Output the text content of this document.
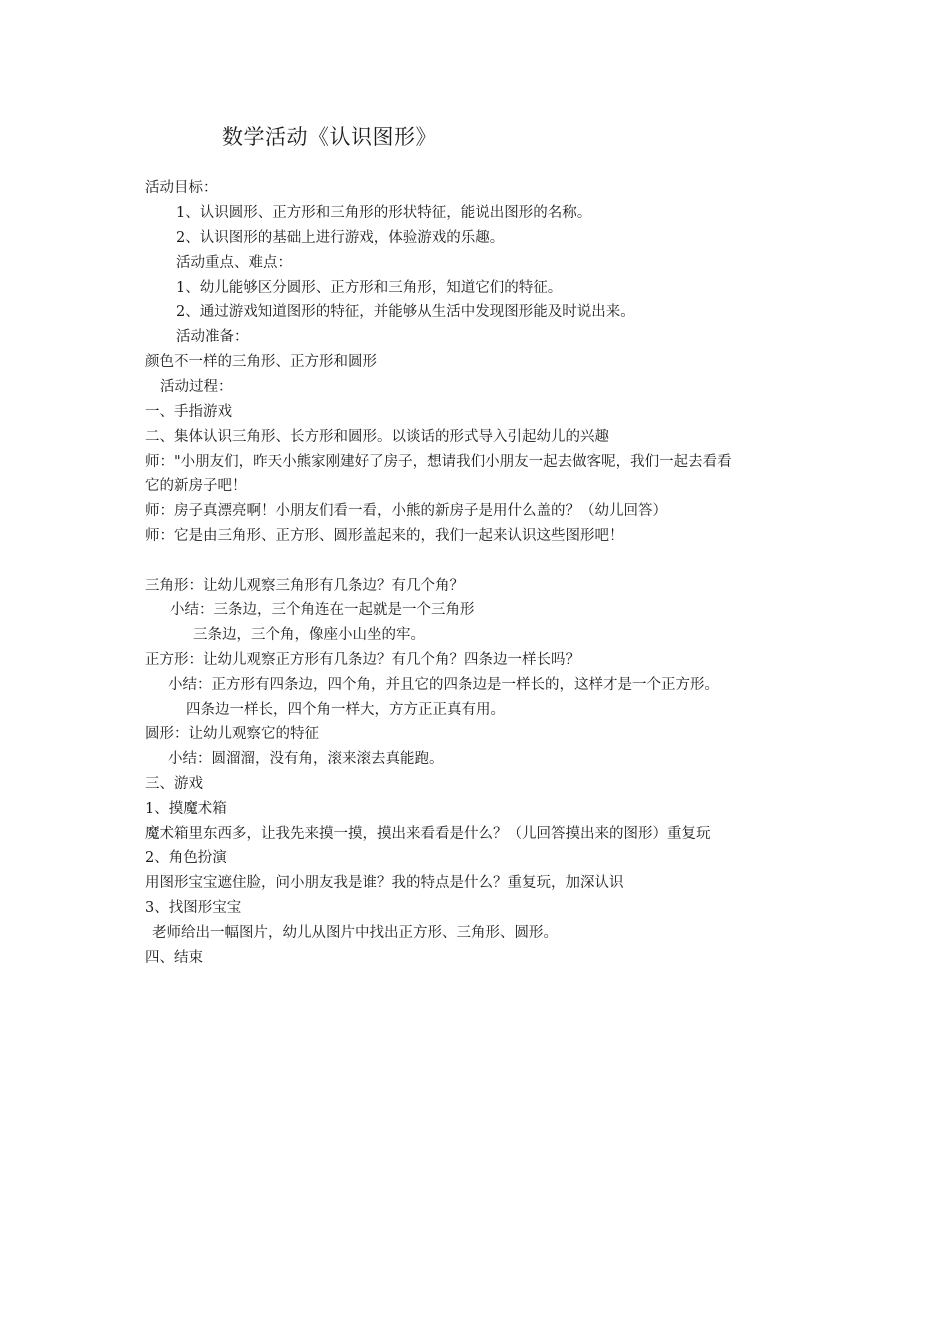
数学活动《认识图形》
活动目标：
1、认识圆形、正方形和三角形的形状特征，能说出图形的名称。
2、认识图形的基础上进行游戏，体验游戏的乐趣。
活动重点、难点：
1、幼儿能够区分圆形、正方形和三角形，知道它们的特征。
2、通过游戏知道图形的特征，并能够从生活中发现图形能及时说出来。
活动准备：
颜色不一样的三角形、正方形和圆形
活动过程：
一、手指游戏
二、集体认识三角形、长方形和圆形。以谈话的形式导入引起幼儿的兴趣
师："小朋友们，昨天小熊家刚建好了房子，想请我们小朋友一起去做客呢，我们一起去看看
它的新房子吧！
师：房子真漂亮啊！小朋友们看一看，小熊的新房子是用什么盖的？（幼儿回答）
师：它是由三角形、正方形、圆形盖起来的，我们一起来认识这些图形吧！
三角形：让幼儿观察三角形有几条边？有几个角？
小结：三条边，三个角连在一起就是一个三角形
三条边，三个角，像座小山坐的牢。
正方形：让幼儿观察正方形有几条边？有几个角？四条边一样长吗？
小结：正方形有四条边，四个角，并且它的四条边是一样长的，这样才是一个正方形。
四条边一样长，四个角一样大，方方正正真有用。
圆形：让幼儿观察它的特征
小结：圆溜溜，没有角，滚来滚去真能跑。
三、游戏
1、摸魔术箱
魔术箱里东西多，让我先来摸一摸，摸出来看看是什么？（儿回答摸出来的图形）重复玩
2、角色扮演
用图形宝宝遮住脸，问小朋友我是谁？我的特点是什么？重复玩，加深认识
3、找图形宝宝
老师给出一幅图片，幼儿从图片中找出正方形、三角形、圆形。
四、结束
